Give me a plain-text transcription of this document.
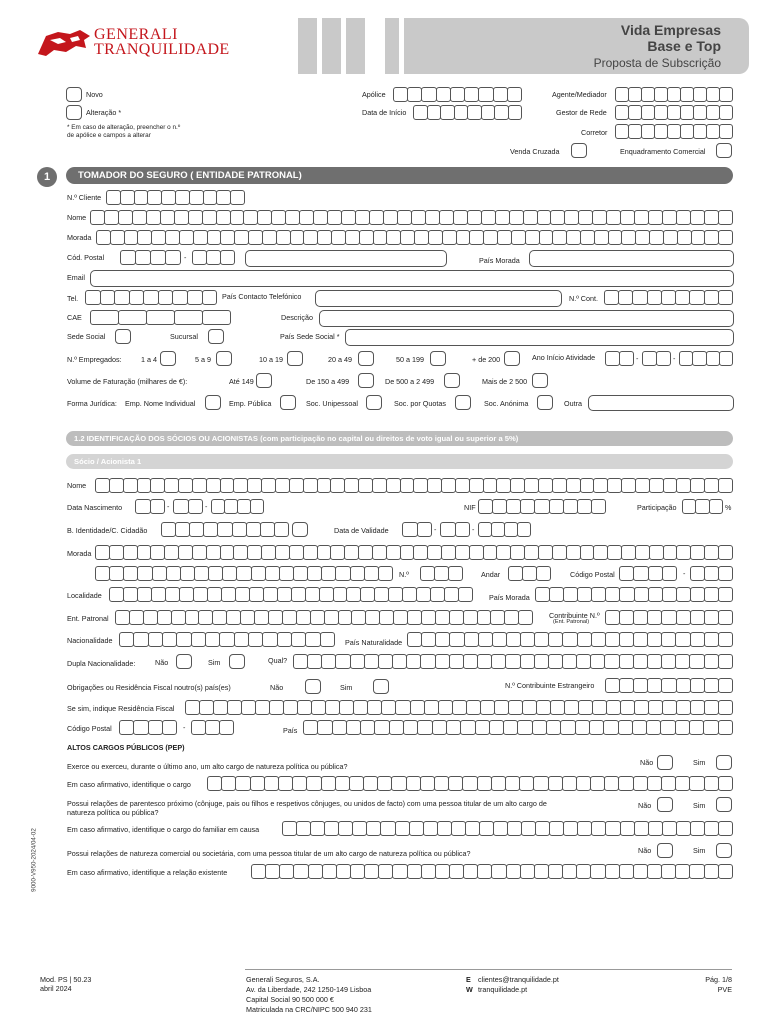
GENERALI
TRANQUILIDADE
Vida Empresas
Base e Top
Proposta de Subscrição
Novo
Alteração *
* Em caso de alteração, preencher o n.º
de apólice e campos a alterar
Apólice
Data de Início
Agente/Mediador
Gestor de Rede
Corretor
Venda Cruzada	Enquadramento Comercial
1	TOMADOR DO SEGURO ( ENTIDADE PATRONAL)
N.º Cliente
Nome
Morada
Cód. Postal	-	País Morada
Email
Tel.	País Contacto Telefónico	N.º Cont.
CAE	Descrição
Sede Social	Sucursal	País Sede Social *
N.º Empregados:	1 a 4	5 a 9	10 a 19	20 a 49	50 a 199	+ de 200	Ano Início Atividade	-	-
Volume de Faturação (milhares de €):	Até 149	De 150 a 499	De 500 a 2 499	Mais de 2 500
Forma Jurídica: Emp. Nome Individual	Emp. Pública	Soc. Unipessoal	Soc. por Quotas	Soc. Anónima	Outra
1.2 IDENTIFICAÇÃO DOS SÓCIOS OU ACIONISTAS (com participação no capital ou direitos de voto igual ou superior a 5%)
Sócio / Acionista 1
Nome
Data Nascimento	-	-	NIF	Participação	%
B. Identidade/C. Cidadão	Data de Validade	-	-
Morada
N.º	Andar	Código Postal	-
Localidade	País Morada
Ent. Patronal	Contribuinte N.º
(Ent. Patronal)
Nacionalidade	País Naturalidade
Dupla Nacionalidade:	Não	Sim	Qual?
Obrigações ou Residência Fiscal noutro(s) país(es)	Não	Sim	N.º Contribuinte Estrangeiro
Se sim, indique Residência Fiscal
Código Postal	-	País
ALTOS CARGOS PÚBLICOS (PEP)
Exerce ou exerceu, durante o último ano, um alto cargo de natureza política ou pública?	Não	Sim
Em caso afirmativo, identifique o cargo
Possui relações de parentesco próximo (cônjuge, pais ou filhos e respetivos cônjuges, ou unidos de facto) com uma pessoa titular de um alto cargo de
natureza política ou pública?
Não	Sim
Em caso afirmativo, identifique o cargo do familiar em causa
Possui relações de natureza comercial ou societária, com uma pessoa titular de um alto cargo de natureza política ou pública?	Não	Sim
Em caso afirmativo, identifique a relação existente
9000-V950-2024/04-02
Mod. PS | 50.23
abril 2024
Generali Seguros, S.A.
Av. da Liberdade, 242 1250-149 Lisboa
Capital Social 90 500 000 €
Matriculada na CRC/NIPC 500 940 231
E clientes@tranquilidade.pt
W tranquilidade.pt
Pág. 1/8
PVE
